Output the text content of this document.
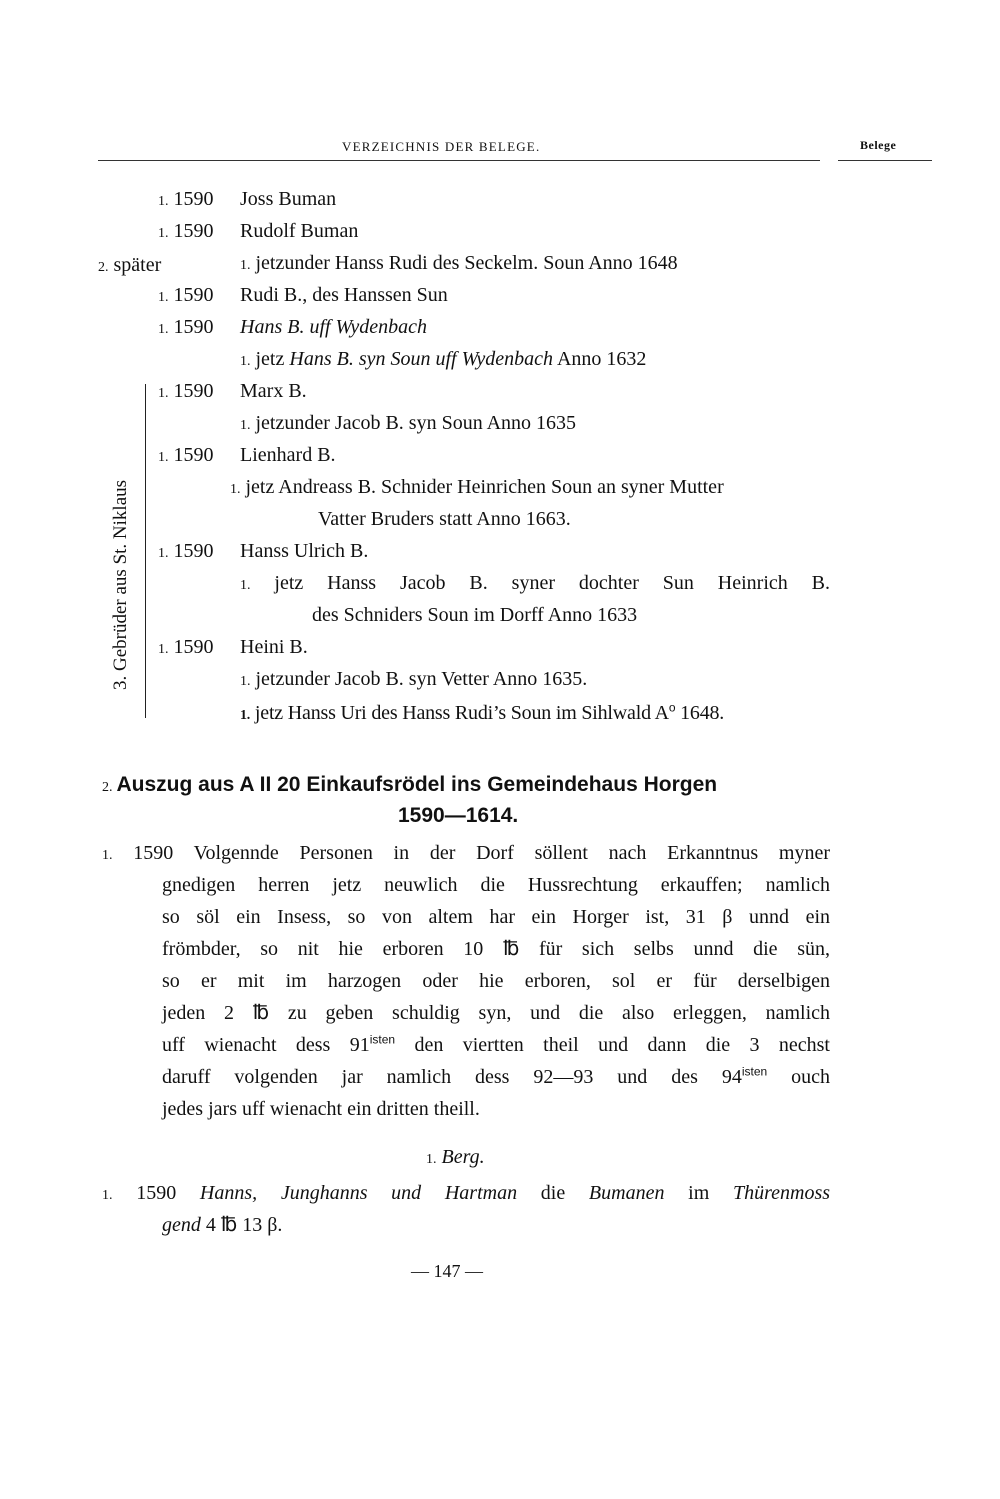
VERZEICHNIS DER BELEGE.	Belege
1. 1590 Joss Buman
1. 1590 Rudolf Buman
2. später	1. jetzunder Hanss Rudi des Seckelm. Soun Anno 1648
1. 1590 Rudi B., des Hanssen Sun
1. 1590 Hans B. uff Wydenbach
1. jetz Hans B. syn Soun uff Wydenbach Anno 1632
3. Gebrüder aus St. Niklaus
1. 1590 Marx B.
1. jetzunder Jacob B. syn Soun Anno 1635
1. 1590 Lienhard B.
1. jetz Andreass B. Schnider Heinrichen Soun an syner Mutter
Vatter Bruders statt Anno 1663.
1. 1590 Hanss Ulrich B.
1. jetz Hanss Jacob B. syner dochter Sun Heinrich B.
des Schniders Soun im Dorff Anno 1633
1. 1590 Heini B.
1. jetzunder Jacob B. syn Vetter Anno 1635.
1. jetz Hanss Uri des Hanss Rudi’s Soun im Sihlwald $A^o$ 1648.
2. Auszug aus A II 20 Einkaufsrödel ins Gemeindehaus Horgen
1590—1614.
1. 1590 Volgennde Personen in der Dorf söllent nach Erkanntnus myner
gnedigen herren jetz neuwlich die Hussrechtung erkauffen; namlich
so söl ein Insess, so von altem har ein Horger ist, 31 β unnd ein
frömbder, so nit hie erboren 10 ℔ für sich selbs unnd die sün,
so er mit im harzogen oder hie erboren, sol er für derselbigen
jeden 2 ℔ zu geben schuldig syn, und die also erleggen, namlich
uff wienacht dess $91^{isten}$ den viertten theil und dann die 3 nechst
daruff volgenden jar namlich dess 92—93 und des $94^{isten}$ ouch
jedes jars uff wienacht ein dritten theill.
1. Berg.
1. 1590 Hanns, Junghanns und Hartman die Bumanen im Thürenmoss
gend 4 ℔ 13 β.
— 147 —
